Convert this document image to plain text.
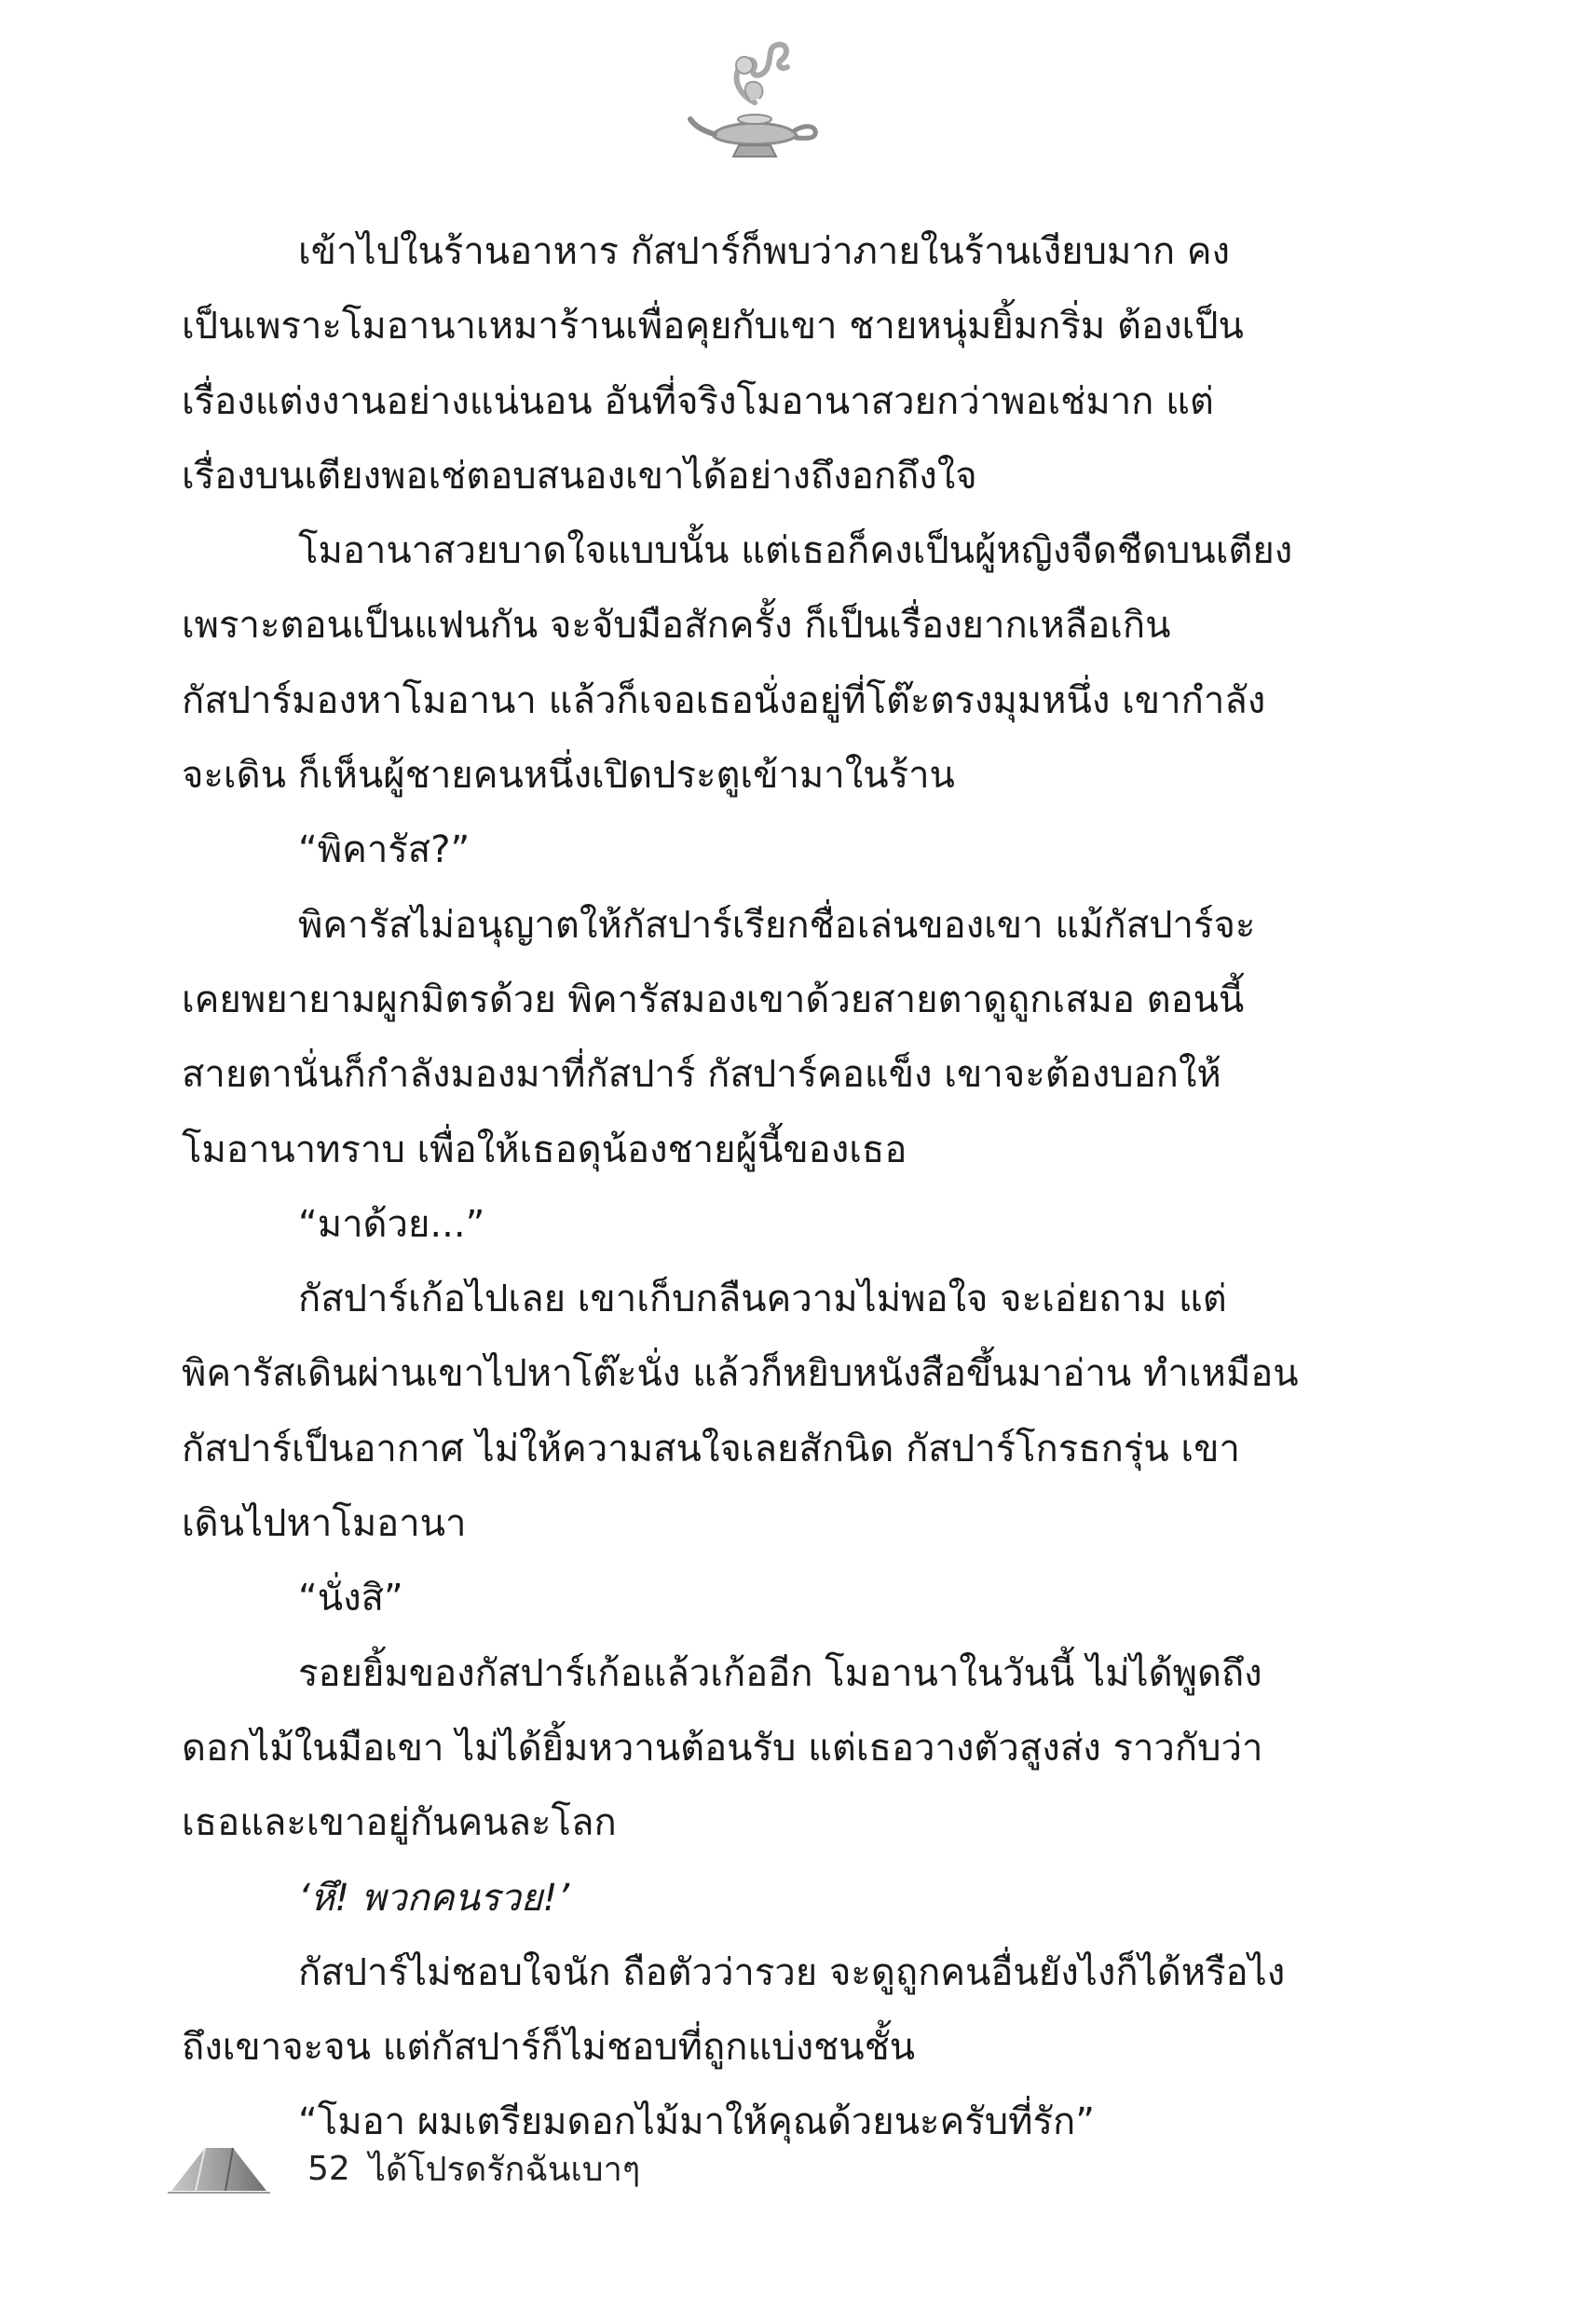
เข้าไปในร้านอาหาร กัสปาร์ก็พบว่าภายในร้านเงียบมาก คง
เป็นเพราะโมอานาเหมาร้านเพื่อคุยกับเขา ชายหนุ่มยิ้มกริ่ม ต้องเป็น
เรื่องแต่งงานอย่างแน่นอน อันที่จริงโมอานาสวยกว่าพอเช่มาก แต่
เรื่องบนเตียงพอเช่ตอบสนองเขาได้อย่างถึงอกถึงใจ

โมอานาสวยบาดใจแบบนั้น แต่เธอก็คงเป็นผู้หญิงจืดชืดบนเตียง
เพราะตอนเป็นแฟนกัน จะจับมือสักครั้ง ก็เป็นเรื่องยากเหลือเกิน
กัสปาร์มองหาโมอานา แล้วก็เจอเธอนั่งอยู่ที่โต๊ะตรงมุมหนึ่ง เขากำลัง
จะเดิน ก็เห็นผู้ชายคนหนึ่งเปิดประตูเข้ามาในร้าน

“พิคารัส?”

พิคารัสไม่อนุญาตให้กัสปาร์เรียกชื่อเล่นของเขา แม้กัสปาร์จะ
เคยพยายามผูกมิตรด้วย พิคารัสมองเขาด้วยสายตาดูถูกเสมอ ตอนนี้
สายตานั่นก็กำลังมองมาที่กัสปาร์ กัสปาร์คอแข็ง เขาจะต้องบอกให้
โมอานาทราบ เพื่อให้เธอดุน้องชายผู้นี้ของเธอ

“มาด้วย...”

กัสปาร์เก้อไปเลย เขาเก็บกลืนความไม่พอใจ จะเอ่ยถาม แต่
พิคารัสเดินผ่านเขาไปหาโต๊ะนั่ง แล้วก็หยิบหนังสือขึ้นมาอ่าน ทำเหมือน
กัสปาร์เป็นอากาศ ไม่ให้ความสนใจเลยสักนิด กัสปาร์โกรธกรุ่น เขา
เดินไปหาโมอานา

“นั่งสิ”

รอยยิ้มของกัสปาร์เก้อแล้วเก้ออีก โมอานาในวันนี้ ไม่ได้พูดถึง
ดอกไม้ในมือเขา ไม่ได้ยิ้มหวานต้อนรับ แต่เธอวางตัวสูงส่ง ราวกับว่า
เธอและเขาอยู่กันคนละโลก

‘หึ! พวกคนรวย!’

กัสปาร์ไม่ชอบใจนัก ถือตัวว่ารวย จะดูถูกคนอื่นยังไงก็ได้หรือไง
ถึงเขาจะจน แต่กัสปาร์ก็ไม่ชอบที่ถูกแบ่งชนชั้น

“โมอา ผมเตรียมดอกไม้มาให้คุณด้วยนะครับที่รัก”

52 ได้โปรดรักฉันเบาๆ
